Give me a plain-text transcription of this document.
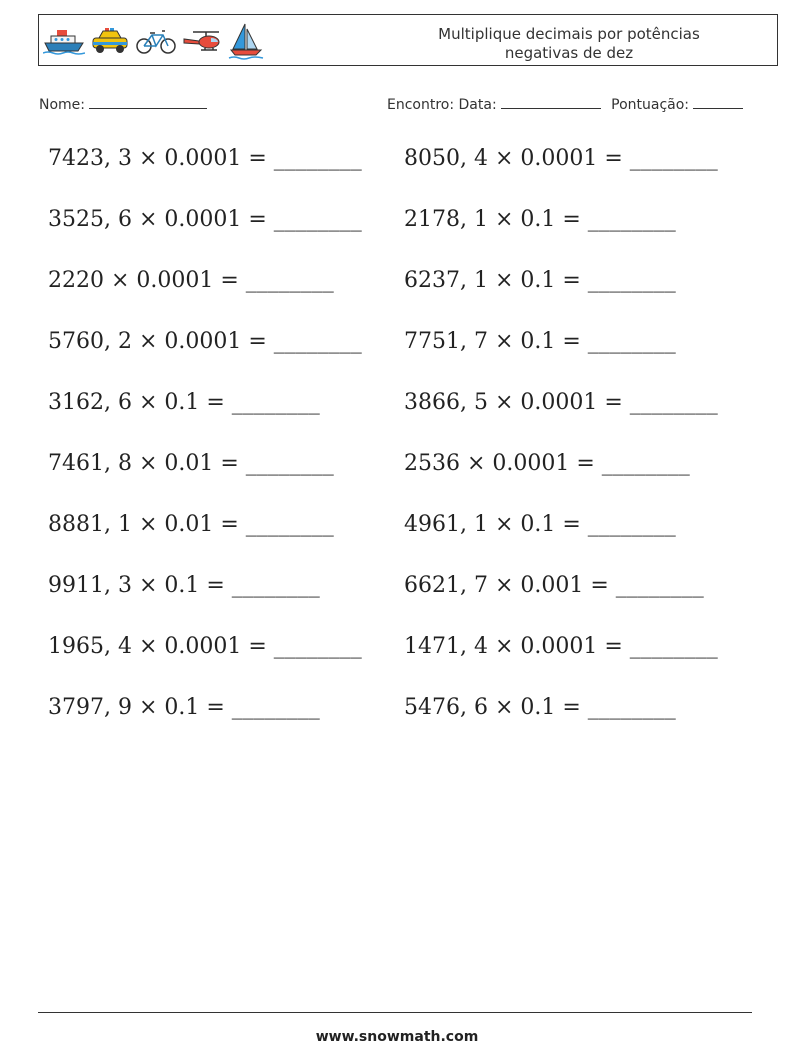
Multiplique decimais por potências
negativas de dez
Nome:	Encontro: Data:	Pontuação:
7423, 3 × 0.0001 = ________ 8050, 4 × 0.0001 = ________
3525, 6 × 0.0001 = ________ 2178, 1 × 0.1 = ________
2220 × 0.0001 = ________	6237, 1 × 0.1 = ________
5760, 2 × 0.0001 = ________ 7751, 7 × 0.1 = ________
3162, 6 × 0.1 = ________	3866, 5 × 0.0001 = ________
7461, 8 × 0.01 = ________	2536 × 0.0001 = ________
8881, 1 × 0.01 = ________	4961, 1 × 0.1 = ________
9911, 3 × 0.1 = ________	6621, 7 × 0.001 = ________
1965, 4 × 0.0001 = ________ 1471, 4 × 0.0001 = ________
3797, 9 × 0.1 = ________	5476, 6 × 0.1 = ________
www.snowmath.com
